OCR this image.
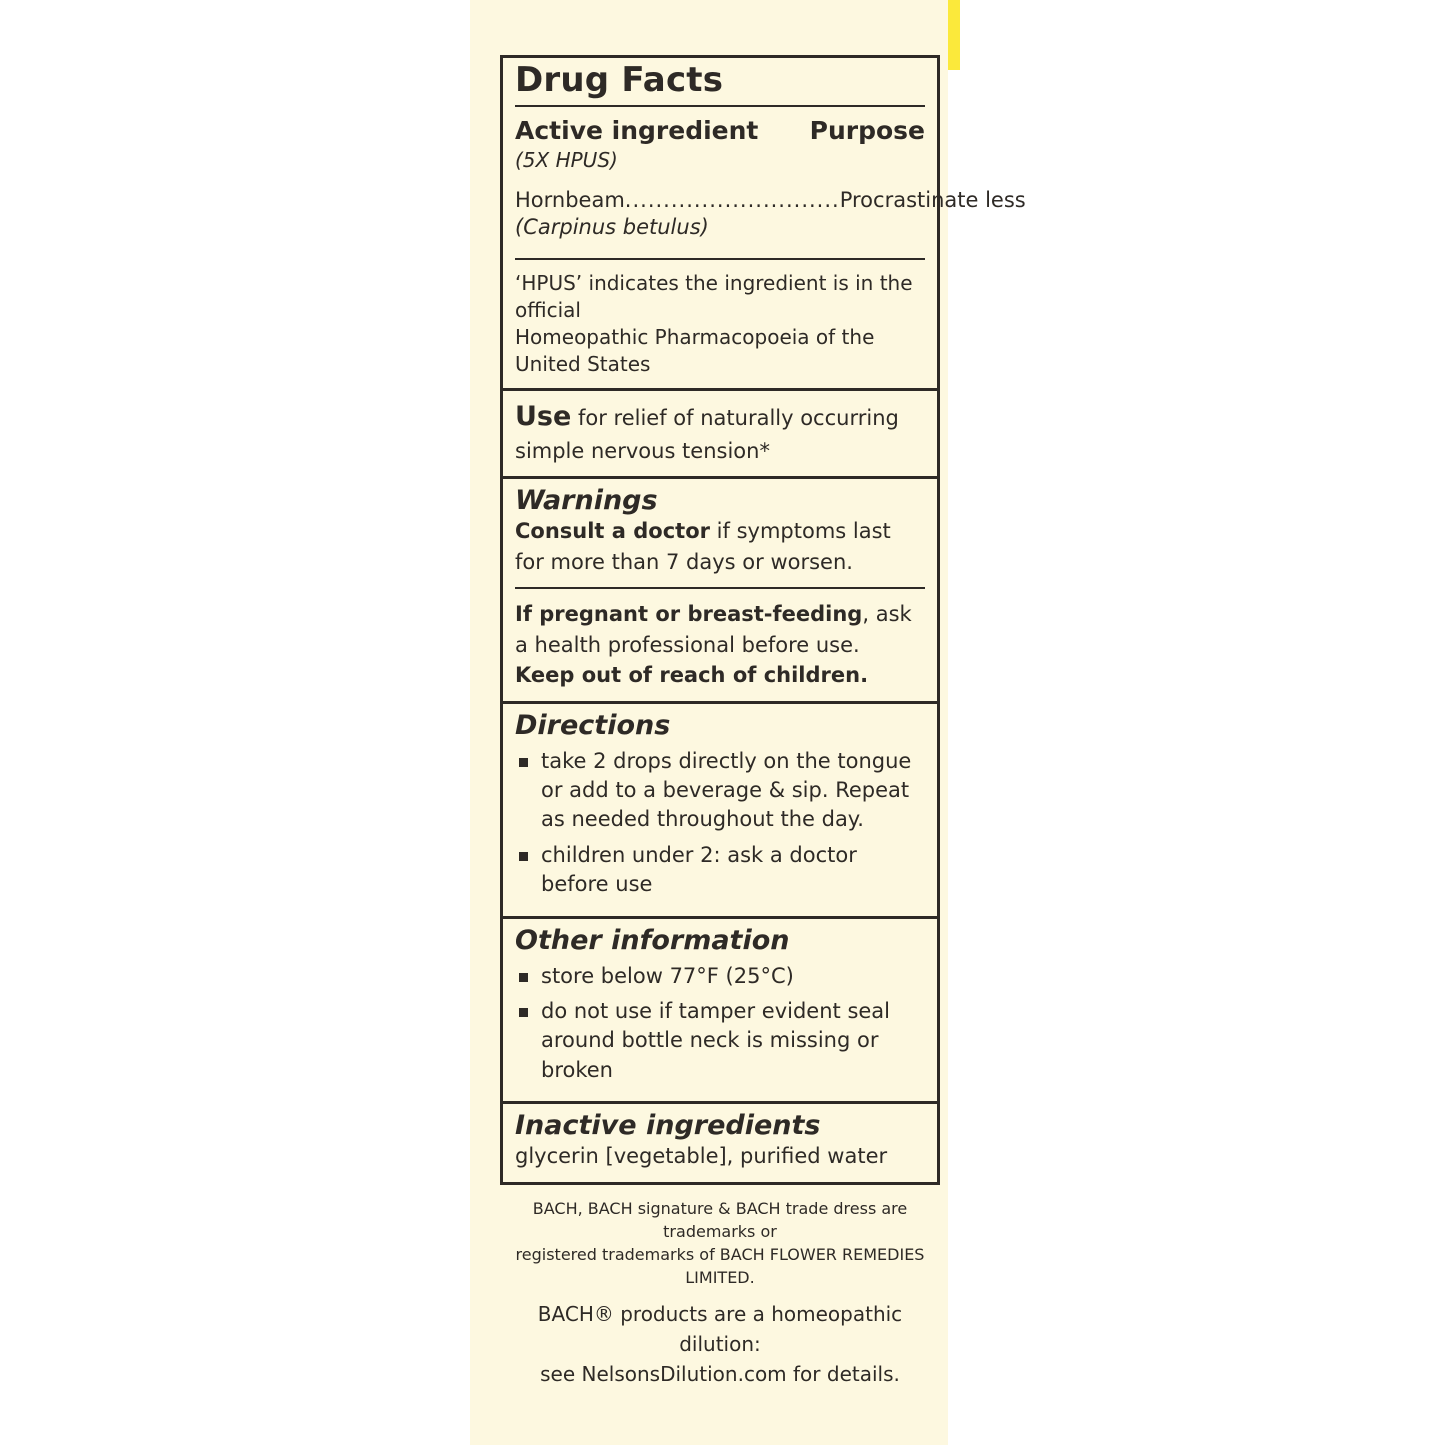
Drug Facts
Active ingredient Purpose
(5X HPUS)
Hornbeam............................Procrastinate less
(Carpinus betulus)
‘HPUS’ indicates the ingredient is in the official
Homeopathic Pharmacopoeia of the United States
Use for relief of naturally occurring simple nervous tension*
Warnings
Consult a doctor if symptoms last for more than 7 days or worsen.
If pregnant or breast-feeding, ask a health professional before use. Keep out of reach of children.
Directions
take 2 drops directly on the tongue or add to a beverage & sip. Repeat as needed throughout the day.
children under 2: ask a doctor before use
Other information
store below 77°F (25°C)
do not use if tamper evident seal around bottle neck is missing or broken
Inactive ingredients
glycerin [vegetable], purified water
BACH, BACH signature & BACH trade dress are trademarks or
registered trademarks of BACH FLOWER REMEDIES LIMITED.
BACH® products are a homeopathic dilution:
see NelsonsDilution.com for details.
